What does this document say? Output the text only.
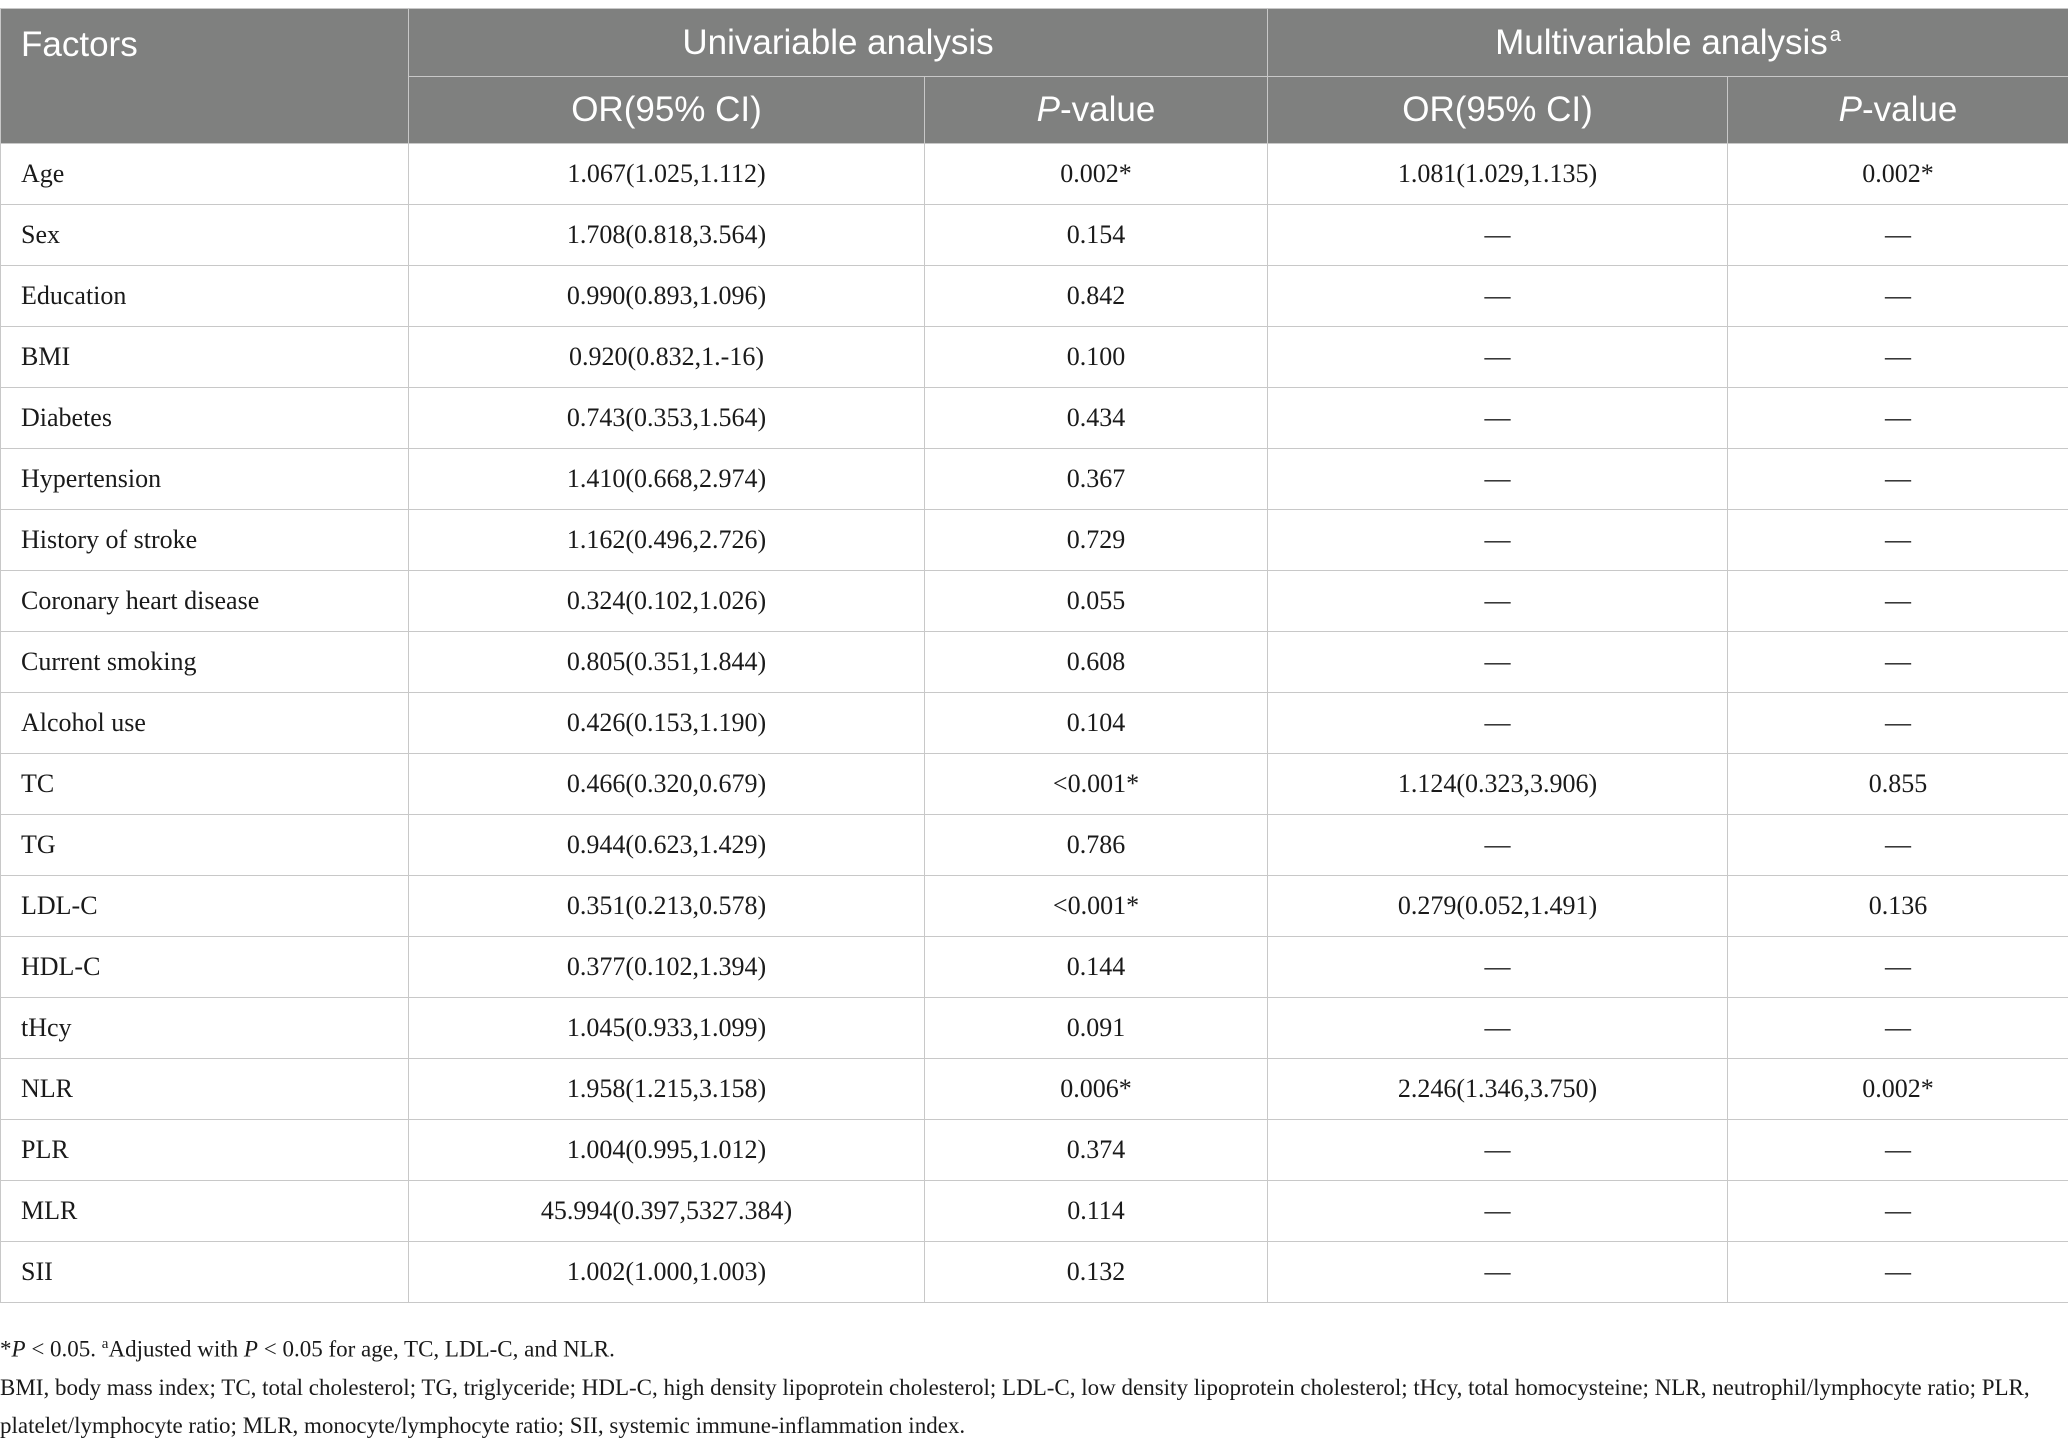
Factors	Univariable analysis		Multivariable analysis $^a$
	OR(95% CI)	P-value	OR(95% CI)	P-value
Age	1.067(1.025,1.112)	0.002*	1.081(1.029,1.135)	0.002*
Sex	1.708(0.818,3.564)	0.154	—	—
Education	0.990(0.893,1.096)	0.842	—	—
BMI	0.920(0.832,1.-16)	0.100	—	—
Diabetes	0.743(0.353,1.564)	0.434	—	—
Hypertension	1.410(0.668,2.974)	0.367	—	—
History of stroke	1.162(0.496,2.726)	0.729	—	—
Coronary heart disease	0.324(0.102,1.026)	0.055	—	—
Current smoking	0.805(0.351,1.844)	0.608	—	—
Alcohol use	0.426(0.153,1.190)	0.104	—	—
TC	0.466(0.320,0.679)	<0.001*	1.124(0.323,3.906)	0.855
TG	0.944(0.623,1.429)	0.786	—	—
LDL-C	0.351(0.213,0.578)	<0.001*	0.279(0.052,1.491)	0.136
HDL-C	0.377(0.102,1.394)	0.144	—	—
tHcy	1.045(0.933,1.099)	0.091	—	—
NLR	1.958(1.215,3.158)	0.006*	2.246(1.346,3.750)	0.002*
PLR	1.004(0.995,1.012)	0.374	—	—
MLR	45.994(0.397,5327.384)	0.114	—	—
SII	1.002(1.000,1.003)	0.132	—	—

*P < 0.05. $^a$Adjusted with P < 0.05 for age, TC, LDL-C, and NLR.

BMI, body mass index; TC, total cholesterol; TG, triglyceride; HDL-C, high density lipoprotein cholesterol; LDL-C, low density lipoprotein cholesterol; tHcy, total homocysteine; NLR, neutrophil/lymphocyte ratio; PLR, platelet/lymphocyte ratio; MLR, monocyte/lymphocyte ratio; SII, systemic immune-inflammation index.
